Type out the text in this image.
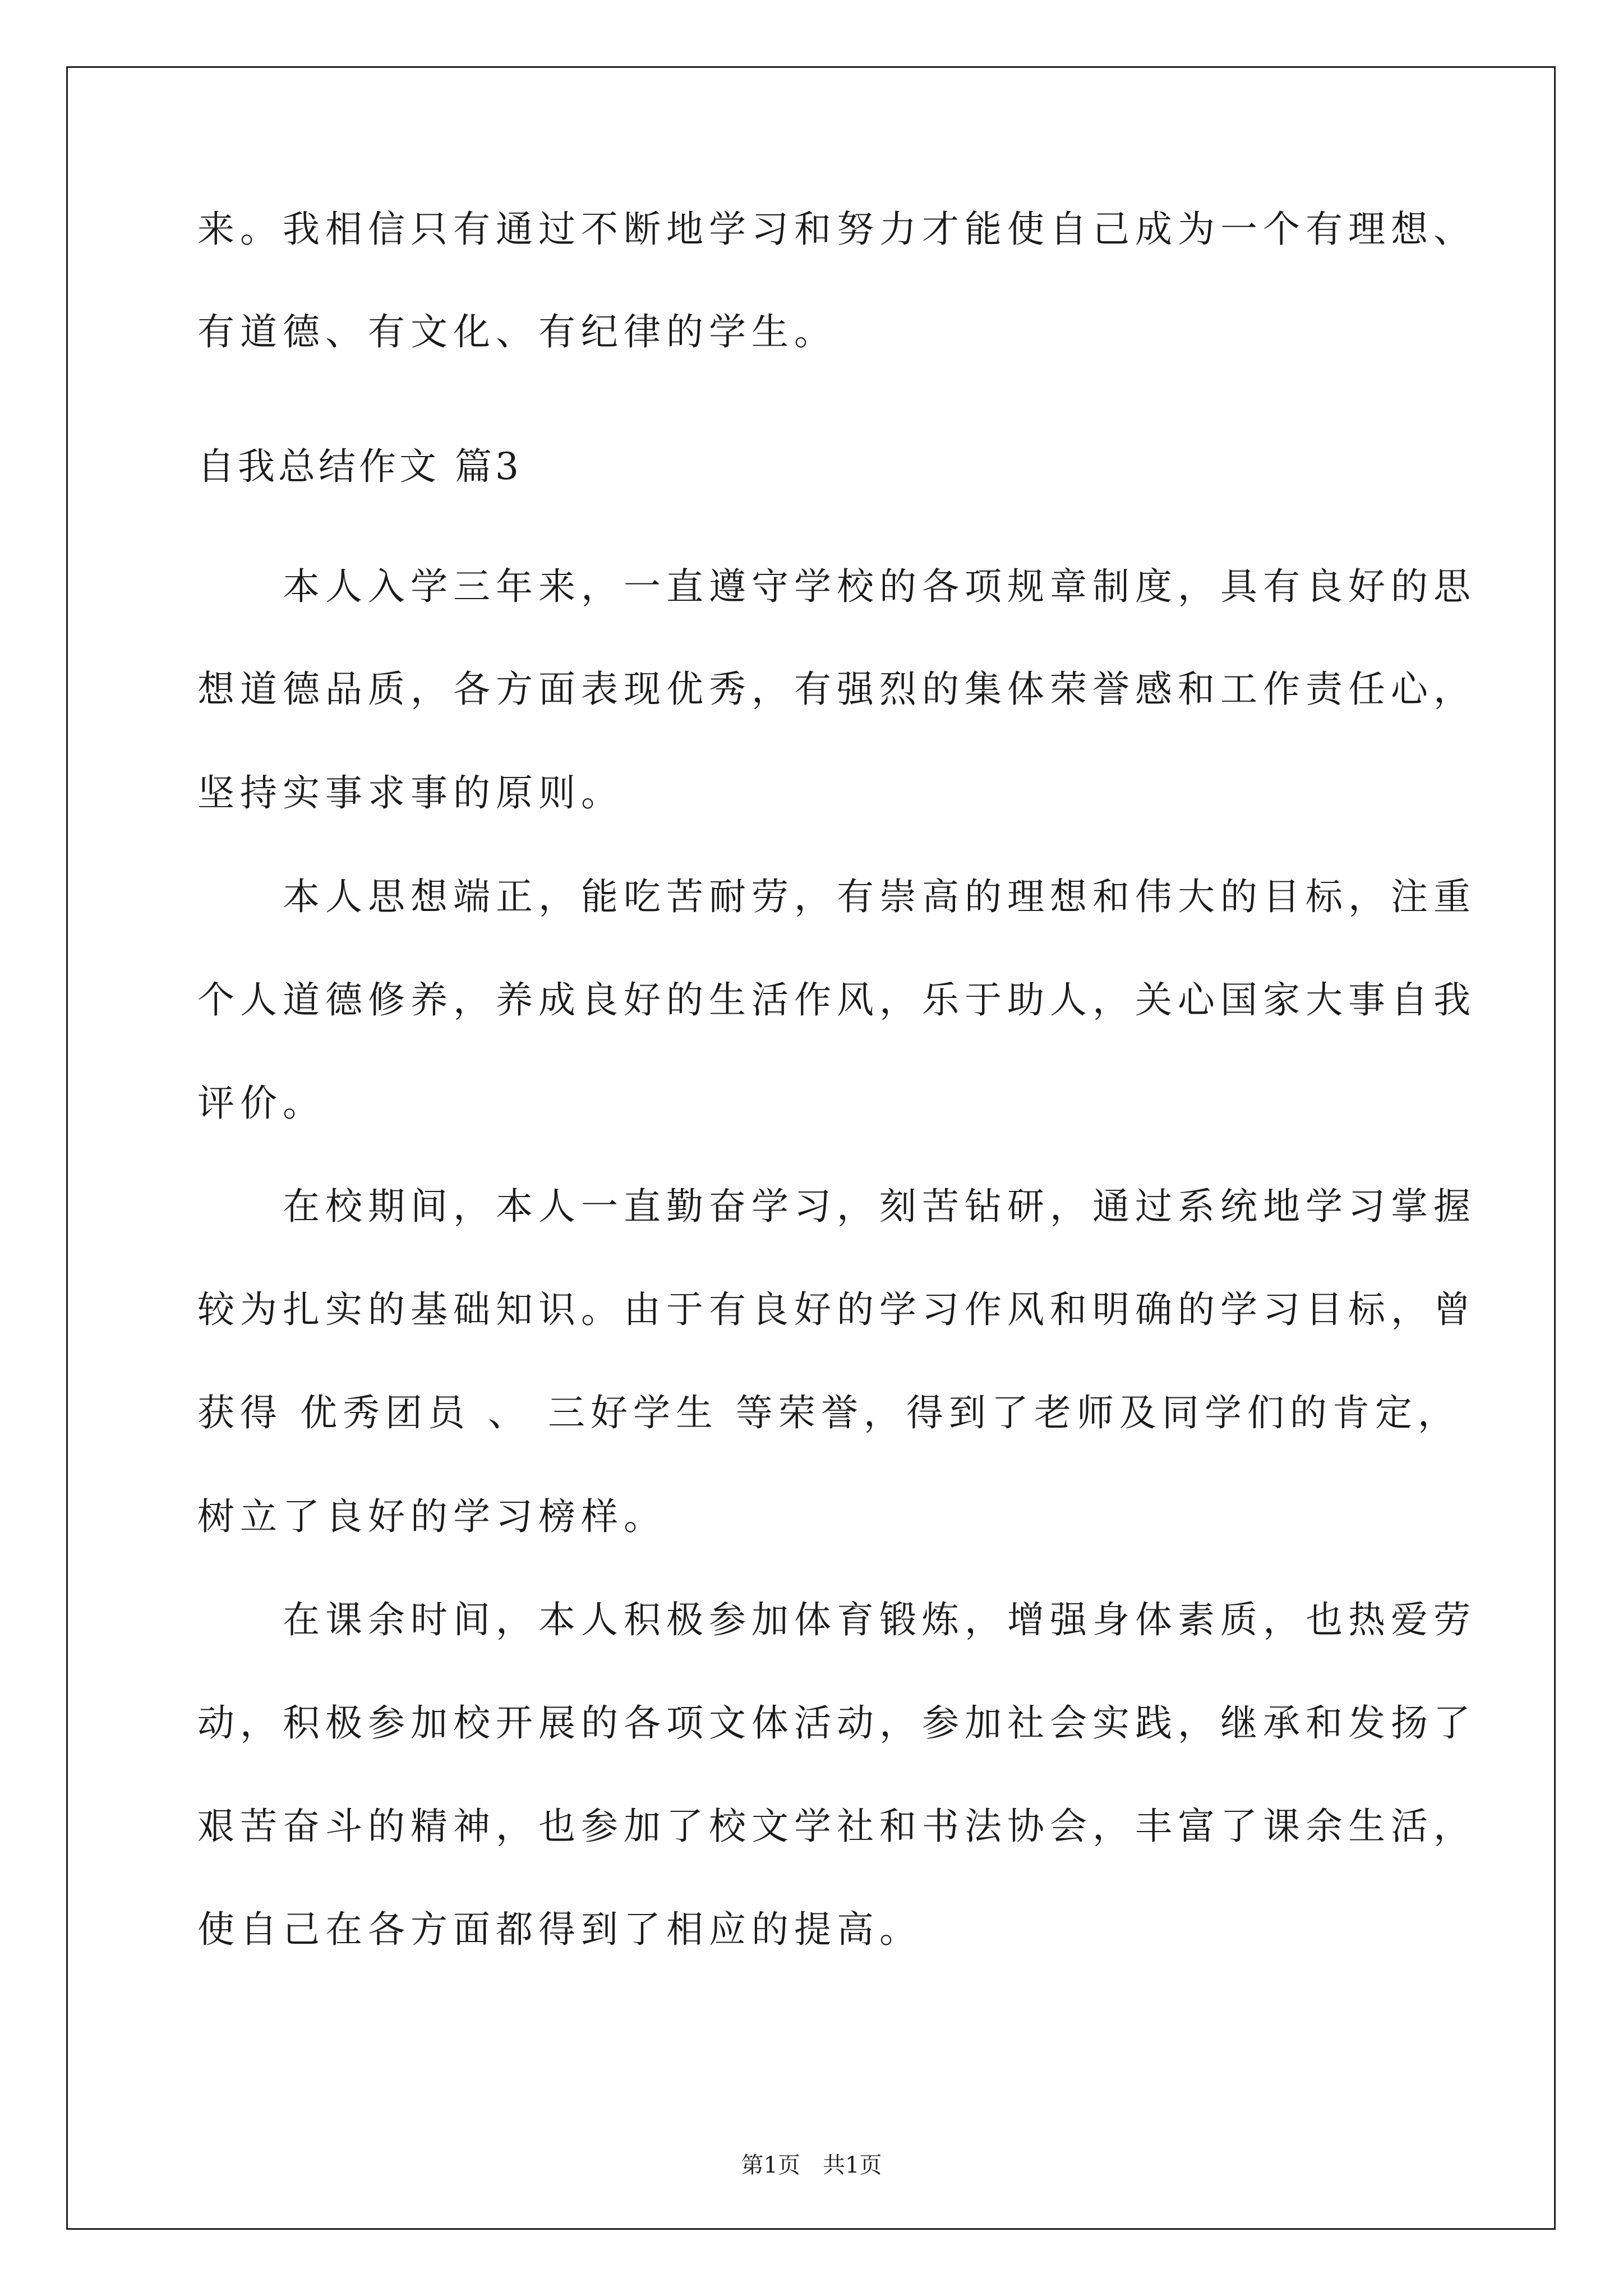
来。我相信只有通过不断地学习和努力才能使自己成为一个有理想、
有道德、有文化、有纪律的学生。
自我总结作文 篇3
　　本人入学三年来，一直遵守学校的各项规章制度，具有良好的思
想道德品质，各方面表现优秀，有强烈的集体荣誉感和工作责任心，
坚持实事求事的原则。
　　本人思想端正，能吃苦耐劳，有崇高的理想和伟大的目标，注重
个人道德修养，养成良好的生活作风，乐于助人，关心国家大事自我
评价。
　　在校期间，本人一直勤奋学习，刻苦钻研，通过系统地学习掌握
较为扎实的基础知识。由于有良好的学习作风和明确的学习目标，曾
获得 优秀团员 、 三好学生 等荣誉，得到了老师及同学们的肯定，
树立了良好的学习榜样。
　　在课余时间，本人积极参加体育锻炼，增强身体素质，也热爱劳
动，积极参加校开展的各项文体活动，参加社会实践，继承和发扬了
艰苦奋斗的精神，也参加了校文学社和书法协会，丰富了课余生活，
使自己在各方面都得到了相应的提高。
第1页　共1页
